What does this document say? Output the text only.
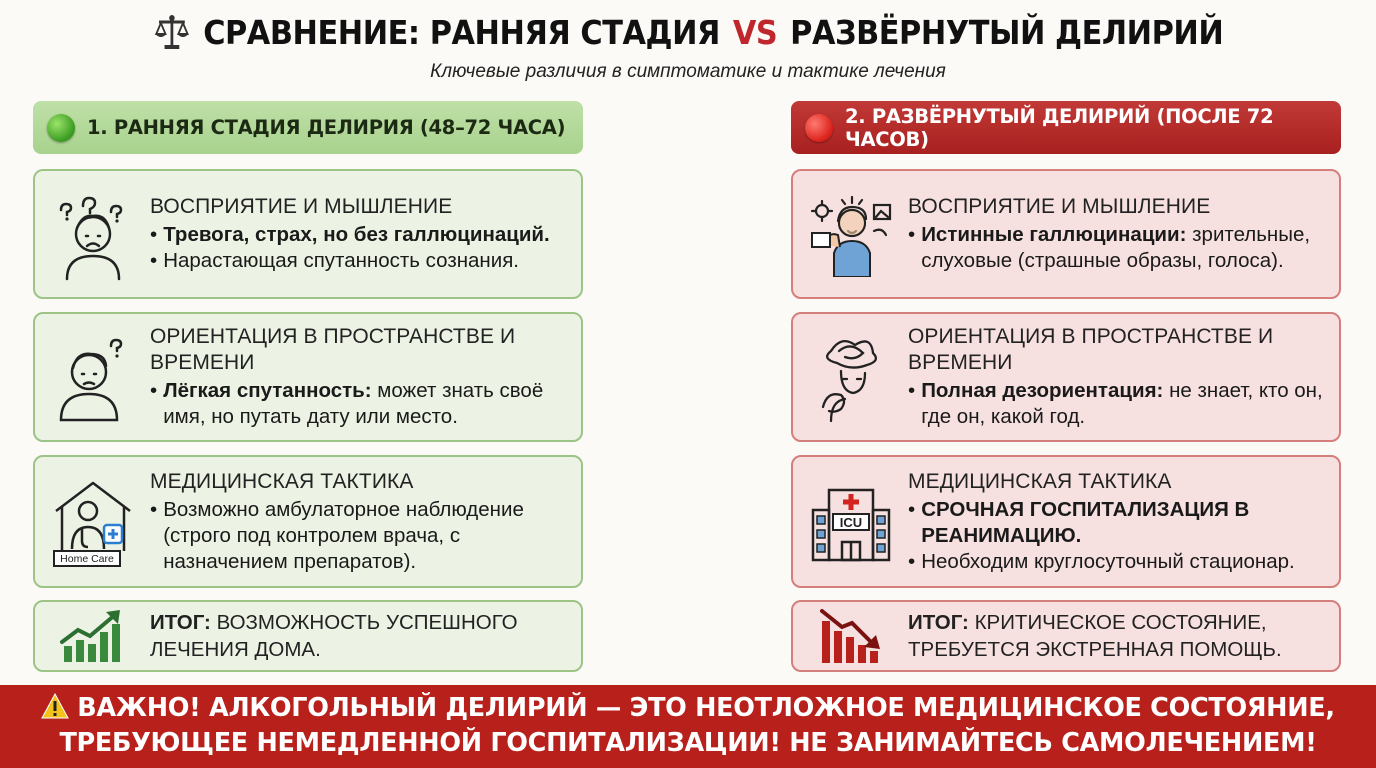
СРАВНЕНИЕ: РАННЯЯ СТАДИЯ VS РАЗВЁРНУТЫЙ ДЕЛИРИЙ
Ключевые различия в симптоматике и тактике лечения
1. РАННЯЯ СТАДИЯ ДЕЛИРИЯ (48–72 ЧАСА)
ВОСПРИЯТИЕ И МЫШЛЕНИЕ
• Тревога, страх, но без галлюцинаций.
• Нарастающая спутанность сознания.
ОРИЕНТАЦИЯ В ПРОСТРАНСТВЕ И ВРЕМЕНИ
• Лёгкая спутанность: может знать своё имя, но путать дату или место.
Home Care
МЕДИЦИНСКАЯ ТАКТИКА
• Возможно амбулаторное наблюдение (строго под контролем врача, с назначением препаратов).
ИТОГ: ВОЗМОЖНОСТЬ УСПЕШНОГО ЛЕЧЕНИЯ ДОМА.
2. РАЗВЁРНУТЫЙ ДЕЛИРИЙ (ПОСЛЕ 72 ЧАСОВ)
ВОСПРИЯТИЕ И МЫШЛЕНИЕ
• Истинные галлюцинации: зрительные, слуховые (страшные образы, голоса).
ОРИЕНТАЦИЯ В ПРОСТРАНСТВЕ И ВРЕМЕНИ
• Полная дезориентация: не знает, кто он, где он, какой год.
ICU
МЕДИЦИНСКАЯ ТАКТИКА
• СРОЧНАЯ ГОСПИТАЛИЗАЦИЯ В РЕАНИМАЦИЮ.
• Необходим круглосуточный стационар.
ИТОГ: КРИТИЧЕСКОЕ СОСТОЯНИЕ, ТРЕБУЕТСЯ ЭКСТРЕННАЯ ПОМОЩЬ.
ВАЖНО! АЛКОГОЛЬНЫЙ ДЕЛИРИЙ — ЭТО НЕОТЛОЖНОЕ МЕДИЦИНСКОЕ СОСТОЯНИЕ,
ТРЕБУЮЩЕЕ НЕМЕДЛЕННОЙ ГОСПИТАЛИЗАЦИИ! НЕ ЗАНИМАЙТЕСЬ САМОЛЕЧЕНИЕМ!
